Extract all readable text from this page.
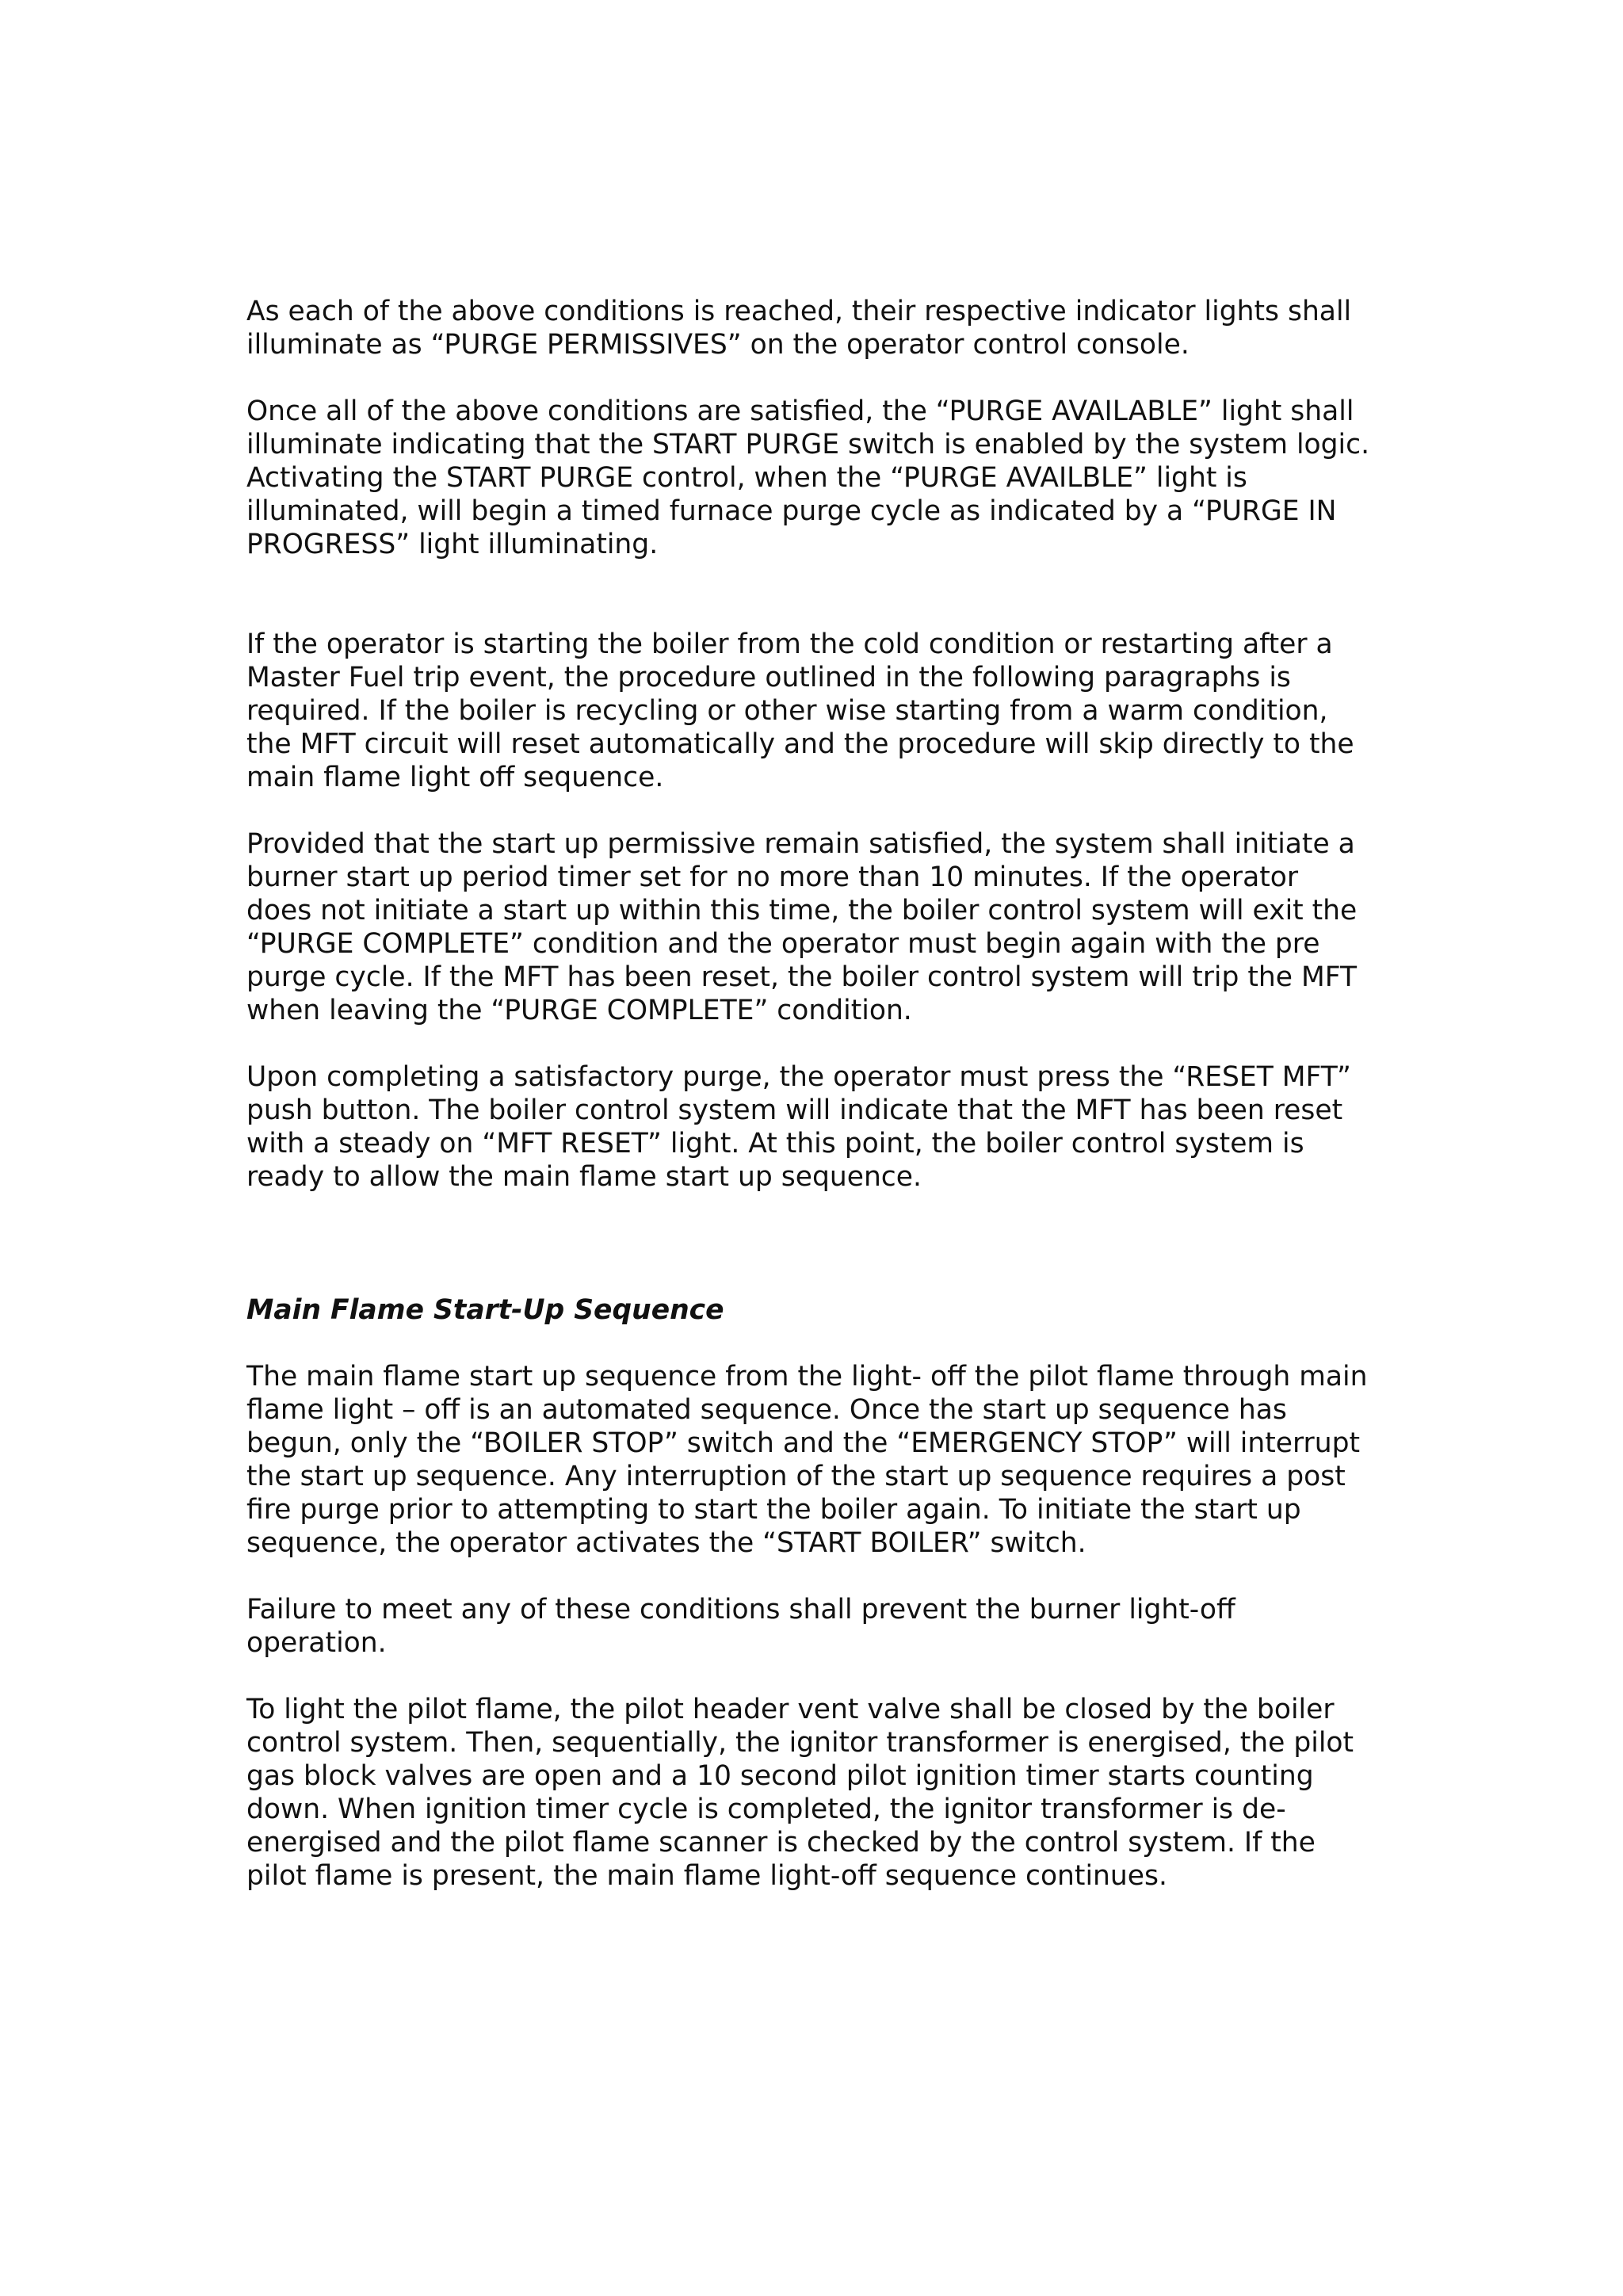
As each of the above conditions is reached, their respective indicator lights shall
illuminate as “PURGE PERMISSIVES” on the operator control console.

Once all of the above conditions are satisfied, the “PURGE AVAILABLE” light shall
illuminate indicating that the START PURGE switch is enabled by the system logic.
Activating the START PURGE control, when the “PURGE AVAILBLE” light is
illuminated, will begin a timed furnace purge cycle as indicated by a “PURGE IN
PROGRESS” light illuminating.

If the operator is starting the boiler from the cold condition or restarting after a
Master Fuel trip event, the procedure outlined in the following paragraphs is
required. If the boiler is recycling or other wise starting from a warm condition,
the MFT circuit will reset automatically and the procedure will skip directly to the
main flame light off sequence.

Provided that the start up permissive remain satisfied, the system shall initiate a
burner start up period timer set for no more than 10 minutes. If the operator
does not initiate a start up within this time, the boiler control system will exit the
“PURGE COMPLETE” condition and the operator must begin again with the pre
purge cycle. If the MFT has been reset, the boiler control system will trip the MFT
when leaving the “PURGE COMPLETE” condition.

Upon completing a satisfactory purge, the operator must press the “RESET MFT”
push button. The boiler control system will indicate that the MFT has been reset
with a steady on “MFT RESET” light. At this point, the boiler control system is
ready to allow the main flame start up sequence.

Main Flame Start-Up Sequence

The main flame start up sequence from the light- off the pilot flame through main
flame light – off is an automated sequence. Once the start up sequence has
begun, only the “BOILER STOP” switch and the “EMERGENCY STOP” will interrupt
the start up sequence. Any interruption of the start up sequence requires a post
fire purge prior to attempting to start the boiler again. To initiate the start up
sequence, the operator activates the “START BOILER” switch.

Failure to meet any of these conditions shall prevent the burner light-off
operation.

To light the pilot flame, the pilot header vent valve shall be closed by the boiler
control system. Then, sequentially, the ignitor transformer is energised, the pilot
gas block valves are open and a 10 second pilot ignition timer starts counting
down. When ignition timer cycle is completed, the ignitor transformer is de-
energised and the pilot flame scanner is checked by the control system. If the
pilot flame is present, the main flame light-off sequence continues.
